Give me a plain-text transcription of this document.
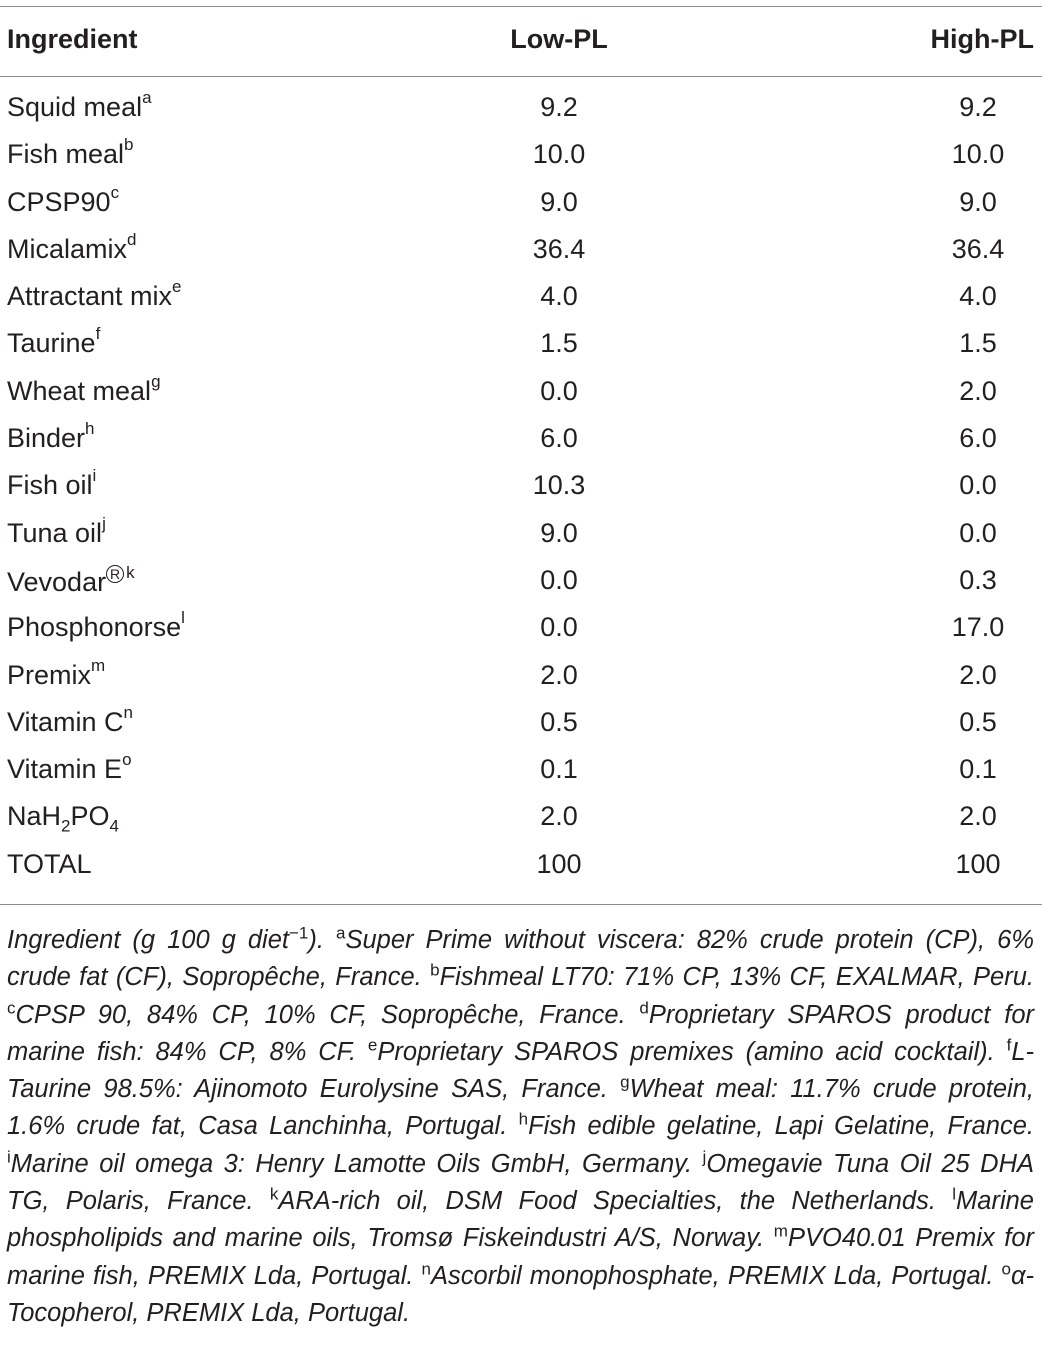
Ingredient	Low-PL	High-PL
Squid meal$^a$	9.2	9.2
Fish meal$^b$	10.0	10.0
CPSP90$^c$	9.0	9.0
Micalamix$^d$	36.4	36.4
Attractant mix$^e$	4.0	4.0
Taurine$^f$	1.5	1.5
Wheat meal$^g$	0.0	2.0
Binder$^h$	6.0	6.0
Fish oil$^i$	10.3	0.0
Tuna oil$^j$	9.0	0.0
Vevodar R $^k$	0.0	0.3
Phosphonorse$^l$	0.0	17.0
Premix$^m$	2.0	2.0
Vitamin $C^n$	0.5	0.5
Vitamin $E^o$	0.1	0.1
$NaH_2PO_4$	2.0	2.0
TOTAL	100	100
Ingredient (g 100 g diet$^{-1}$). $^a$Super Prime without viscera: 82% crude protein (CP), 6% crude fat (CF), Sopropêche, France. $^b$Fishmeal LT70: 71% CP, 13% CF, EXALMAR, Peru. $^c$CPSP 90, 84% CP, 10% CF, Sopropêche, France. $^d$Proprietary SPAROS product for marine fish: 84% CP, 8% CF. $^e$Proprietary SPAROS premixes (amino acid cocktail). $^f$L-Taurine 98.5%: Ajinomoto Eurolysine SAS, France. $^g$Wheat meal: 11.7% crude protein, 1.6% crude fat, Casa Lanchinha, Portugal. $^h$Fish edible gelatine, Lapi Gelatine, France. $^i$Marine oil omega 3: Henry Lamotte Oils GmbH, Germany. $^j$Omegavie Tuna Oil 25 DHA TG, Polaris, France. $^k$ARA-rich oil, DSM Food Specialties, the Netherlands. $^l$Marine phospholipids and marine oils, Tromsø Fiskeindustri A/S, Norway. $^m$PVO40.01 Premix for marine fish, PREMIX Lda, Portugal. $^n$Ascorbil monophosphate, PREMIX Lda, Portugal. $^o$α-Tocopherol, PREMIX Lda, Portugal.
